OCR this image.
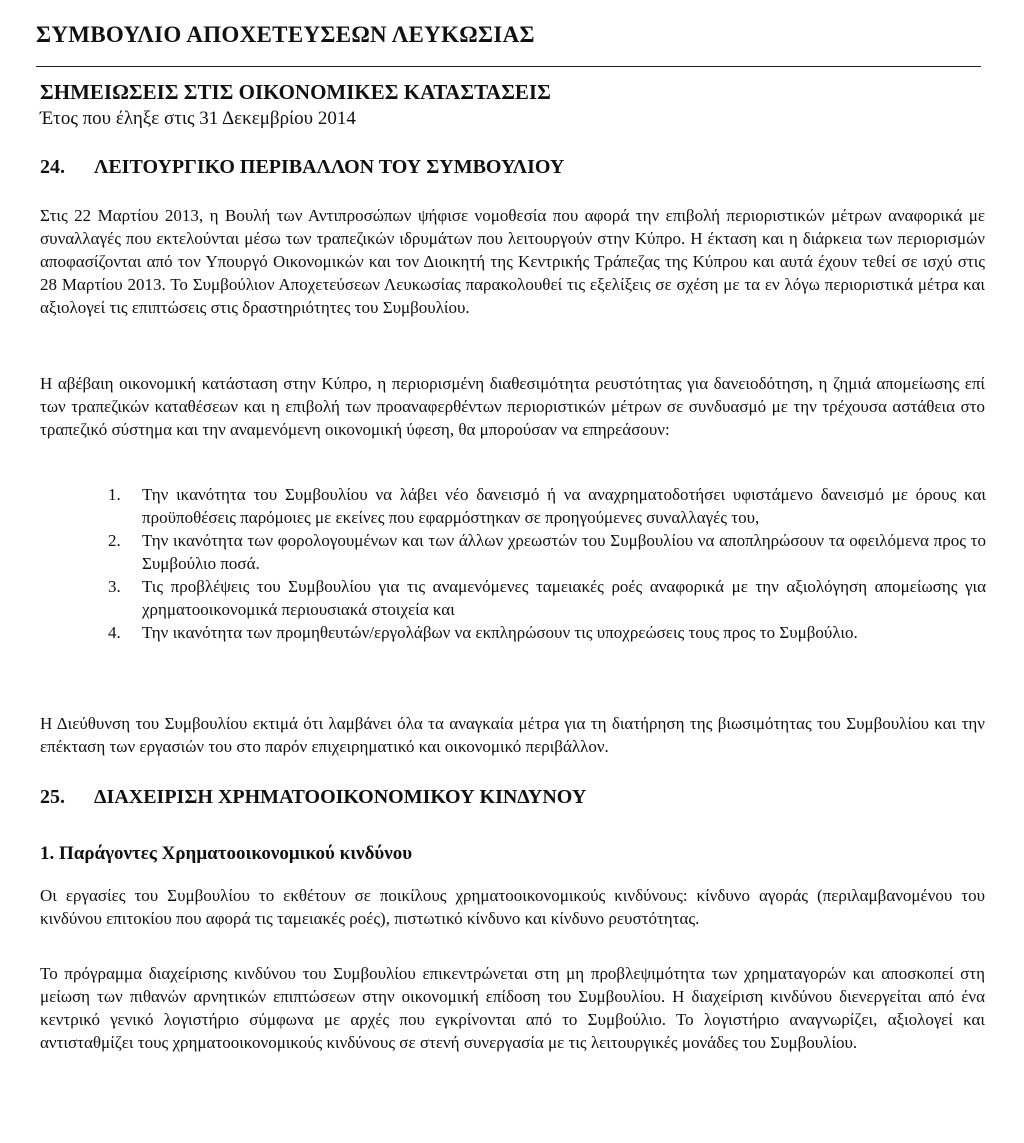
ΣΥΜΒΟΥΛΙΟ ΑΠΟΧΕΤΕΥΣΕΩΝ ΛΕΥΚΩΣΙΑΣ
ΣΗΜΕΙΩΣΕΙΣ ΣΤΙΣ ΟΙΚΟΝΟΜΙΚΕΣ ΚΑΤΑΣΤΑΣΕΙΣ

Έτος που έληξε στις 31 Δεκεμβρίου 2014

24. ΛΕΙΤΟΥΡΓΙΚΟ ΠΕΡΙΒΑΛΛΟΝ ΤΟΥ ΣΥΜΒΟΥΛΙΟΥ

Στις 22 Μαρτίου 2013, η Βουλή των Αντιπροσώπων ψήφισε νομοθεσία που αφορά την επιβολή περιοριστικών μέτρων αναφορικά με συναλλαγές που εκτελούνται μέσω των τραπεζικών ιδρυμάτων που λειτουργούν στην Κύπρο. Η έκταση και η διάρκεια των περιορισμών αποφασίζονται από τον Υπουργό Οικονομικών και τον Διοικητή της Κεντρικής Τράπεζας της Κύπρου και αυτά έχουν τεθεί σε ισχύ στις 28 Μαρτίου 2013. Το Συμβούλιον Αποχετεύσεων Λευκωσίας παρακολουθεί τις εξελίξεις σε σχέση με τα εν λόγω περιοριστικά μέτρα και αξιολογεί τις επιπτώσεις στις δραστηριότητες του Συμβουλίου.

Η αβέβαιη οικονομική κατάσταση στην Κύπρο, η περιορισμένη διαθεσιμότητα ρευστότητας για δανειοδότηση, η ζημιά απομείωσης επί των τραπεζικών καταθέσεων και η επιβολή των προαναφερθέντων περιοριστικών μέτρων σε συνδυασμό με την τρέχουσα αστάθεια στο τραπεζικό σύστημα και την αναμενόμενη οικονομική ύφεση, θα μπορούσαν να επηρεάσουν:

1. Την ικανότητα του Συμβουλίου να λάβει νέο δανεισμό ή να αναχρηματοδοτήσει υφιστάμενο δανεισμό με όρους και προϋποθέσεις παρόμοιες με εκείνες που εφαρμόστηκαν σε προηγούμενες συναλλαγές του,
2. Την ικανότητα των φορολογουμένων και των άλλων χρεωστών του Συμβουλίου να αποπληρώσουν τα οφειλόμενα προς το Συμβούλιο ποσά.
3. Τις προβλέψεις του Συμβουλίου για τις αναμενόμενες ταμειακές ροές αναφορικά με την αξιολόγηση απομείωσης για χρηματοοικονομικά περιουσιακά στοιχεία και
4. Την ικανότητα των προμηθευτών/εργολάβων να εκπληρώσουν τις υποχρεώσεις τους προς το Συμβούλιο.

Η Διεύθυνση του Συμβουλίου εκτιμά ότι λαμβάνει όλα τα αναγκαία μέτρα για τη διατήρηση της βιωσιμότητας του Συμβουλίου και την επέκταση των εργασιών του στο παρόν επιχειρηματικό και οικονομικό περιβάλλον.

25. ΔΙΑΧΕΙΡΙΣΗ ΧΡΗΜΑΤΟΟΙΚΟΝΟΜΙΚΟΥ ΚΙΝΔΥΝΟΥ
1. Παράγοντες Χρηματοοικονομικού κινδύνου

Οι εργασίες του Συμβουλίου το εκθέτουν σε ποικίλους χρηματοοικονομικούς κινδύνους: κίνδυνο αγοράς (περιλαμβανομένου του κινδύνου επιτοκίου που αφορά τις ταμειακές ροές), πιστωτικό κίνδυνο και κίνδυνο ρευστότητας.

Το πρόγραμμα διαχείρισης κινδύνου του Συμβουλίου επικεντρώνεται στη μη προβλεψιμότητα των χρηματαγορών και αποσκοπεί στη μείωση των πιθανών αρνητικών επιπτώσεων στην οικονομική επίδοση του Συμβουλίου. Η διαχείριση κινδύνου διενεργείται από ένα κεντρικό γενικό λογιστήριο σύμφωνα με αρχές που εγκρίνονται από το Συμβούλιο. Το λογιστήριο αναγνωρίζει, αξιολογεί και αντισταθμίζει τους χρηματοοικονομικούς κινδύνους σε στενή συνεργασία με τις λειτουργικές μονάδες του Συμβουλίου.
